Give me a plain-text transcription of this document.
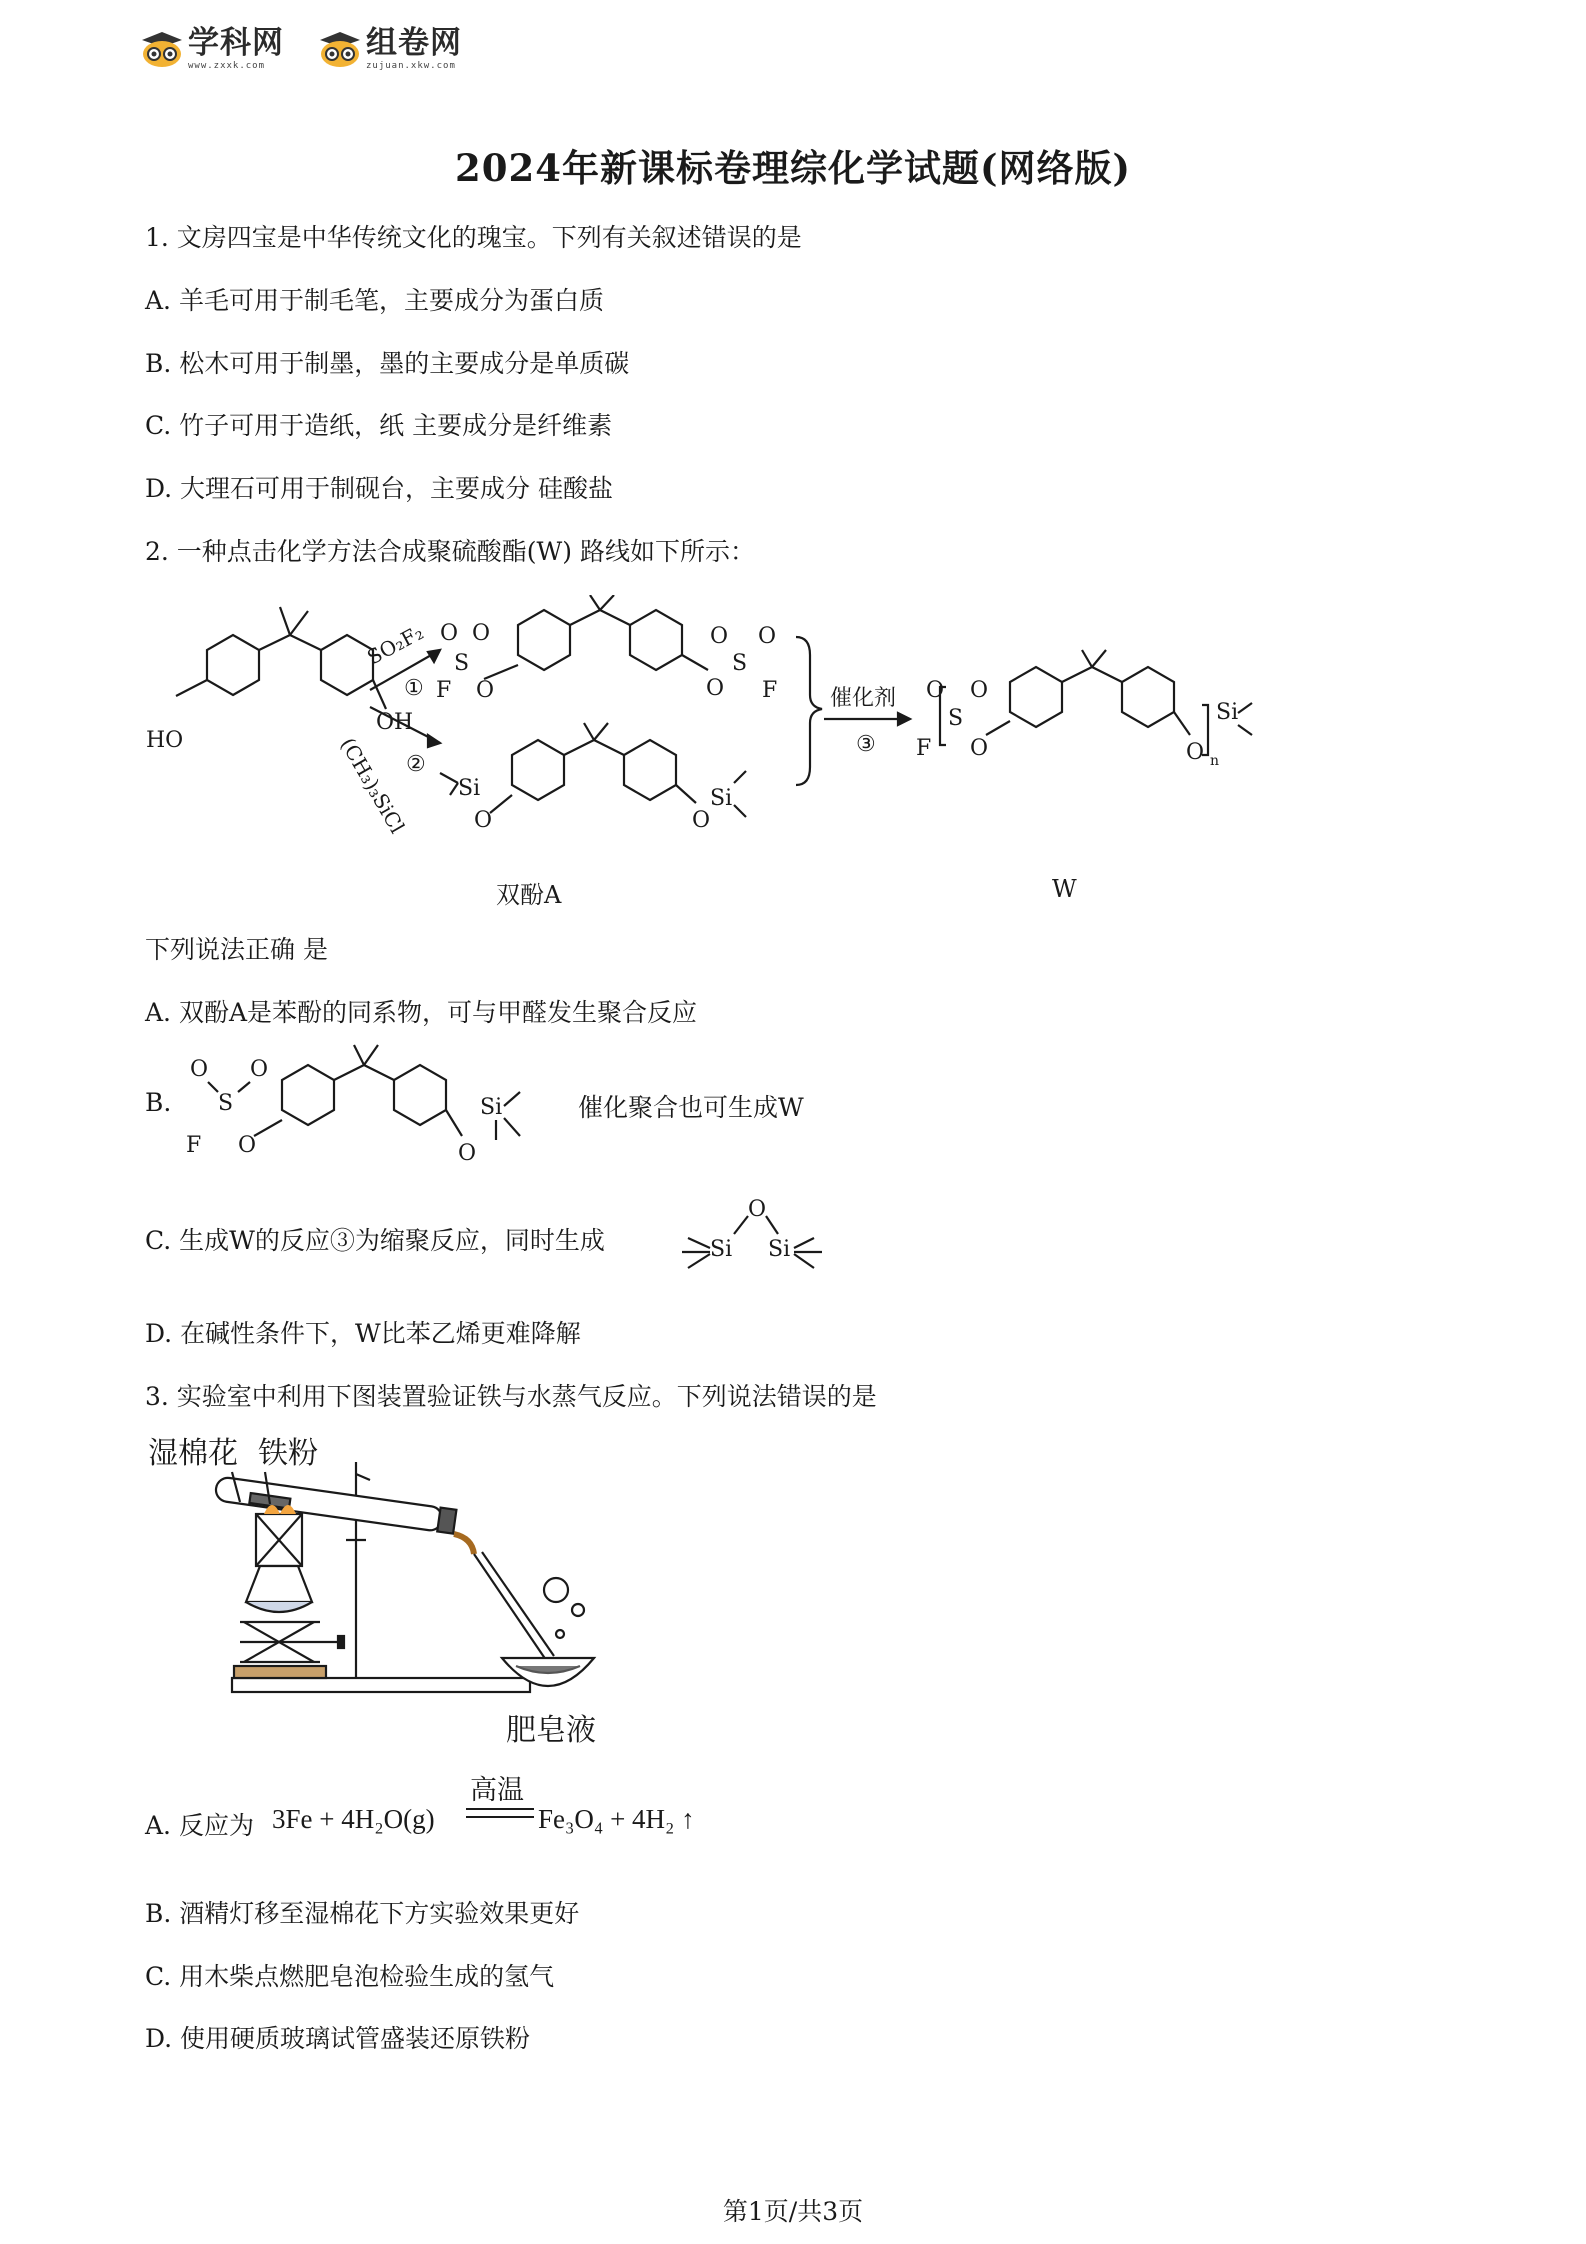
学科网
www.zxxk.com
组卷网
zujuan.xkw.com
2024年新课标卷理综化学试题(网络版)
1. 文房四宝是中华传统文化的瑰宝。下列有关叙述错误的是
A. 羊毛可用于制毛笔，主要成分为蛋白质
B. 松木可用于制墨，墨的主要成分是单质碳
C. 竹子可用于造纸，纸 主要成分是纤维素
D. 大理石可用于制砚台，主要成分 硅酸盐
2. 一种点击化学方法合成聚硫酸酯(W) 路线如下所示：
HO
OH
SO₂F₂
①
(CH₃)₃SiCl
②
O O
S
F O	O
S
O O
F
Si
O	O
Si
催化剂
③
O O
S
F O	O n
Si
双酚A	W
下列说法正确 是
A. 双酚A是苯酚的同系物，可与甲醛发生聚合反应
B.
O O
S
F O	O
Si	催化聚合也可生成W
C. 生成W的反应③为缩聚反应，同时生成
O
Si Si
D. 在碱性条件下，W比苯乙烯更难降解
3. 实验室中利用下图装置验证铁与水蒸气反应。下列说法错误的是
湿棉花 铁粉
肥皂液
A. 反应为 3Fe + 4H₂O(g)
高温
Fe₃O₄ + 4H₂ ↑
B. 酒精灯移至湿棉花下方实验效果更好
C. 用木柴点燃肥皂泡检验生成的氢气
D. 使用硬质玻璃试管盛装还原铁粉
第1页/共3页
